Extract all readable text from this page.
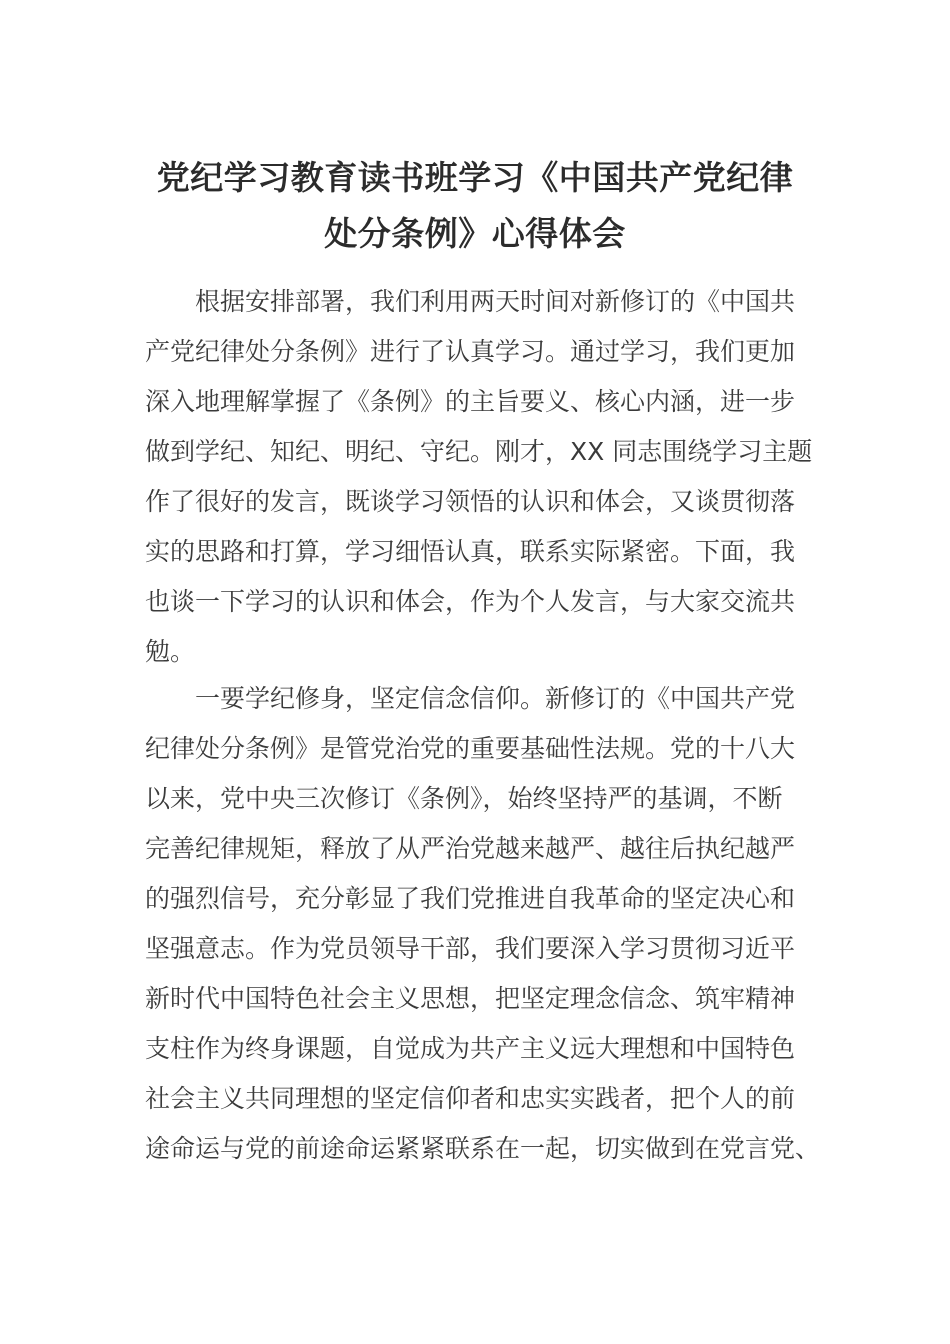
党纪学习教育读书班学习《中国共产党纪律
处分条例》心得体会
根据安排部署，我们利用两天时间对新修订的《中国共
产党纪律处分条例》进行了认真学习。通过学习，我们更加
深入地理解掌握了《条例》的主旨要义、核心内涵，进一步
做到学纪、知纪、明纪、守纪。刚才，XX 同志围绕学习主题
作了很好的发言，既谈学习领悟的认识和体会，又谈贯彻落
实的思路和打算，学习细悟认真，联系实际紧密。下面，我
也谈一下学习的认识和体会，作为个人发言，与大家交流共
勉。
一要学纪修身，坚定信念信仰。新修订的《中国共产党
纪律处分条例》是管党治党的重要基础性法规。党的十八大
以来，党中央三次修订《条例》，始终坚持严的基调，不断
完善纪律规矩，释放了从严治党越来越严、越往后执纪越严
的强烈信号，充分彰显了我们党推进自我革命的坚定决心和
坚强意志。作为党员领导干部，我们要深入学习贯彻习近平
新时代中国特色社会主义思想，把坚定理念信念、筑牢精神
支柱作为终身课题，自觉成为共产主义远大理想和中国特色
社会主义共同理想的坚定信仰者和忠实实践者，把个人的前
途命运与党的前途命运紧紧联系在一起，切实做到在党言党、
